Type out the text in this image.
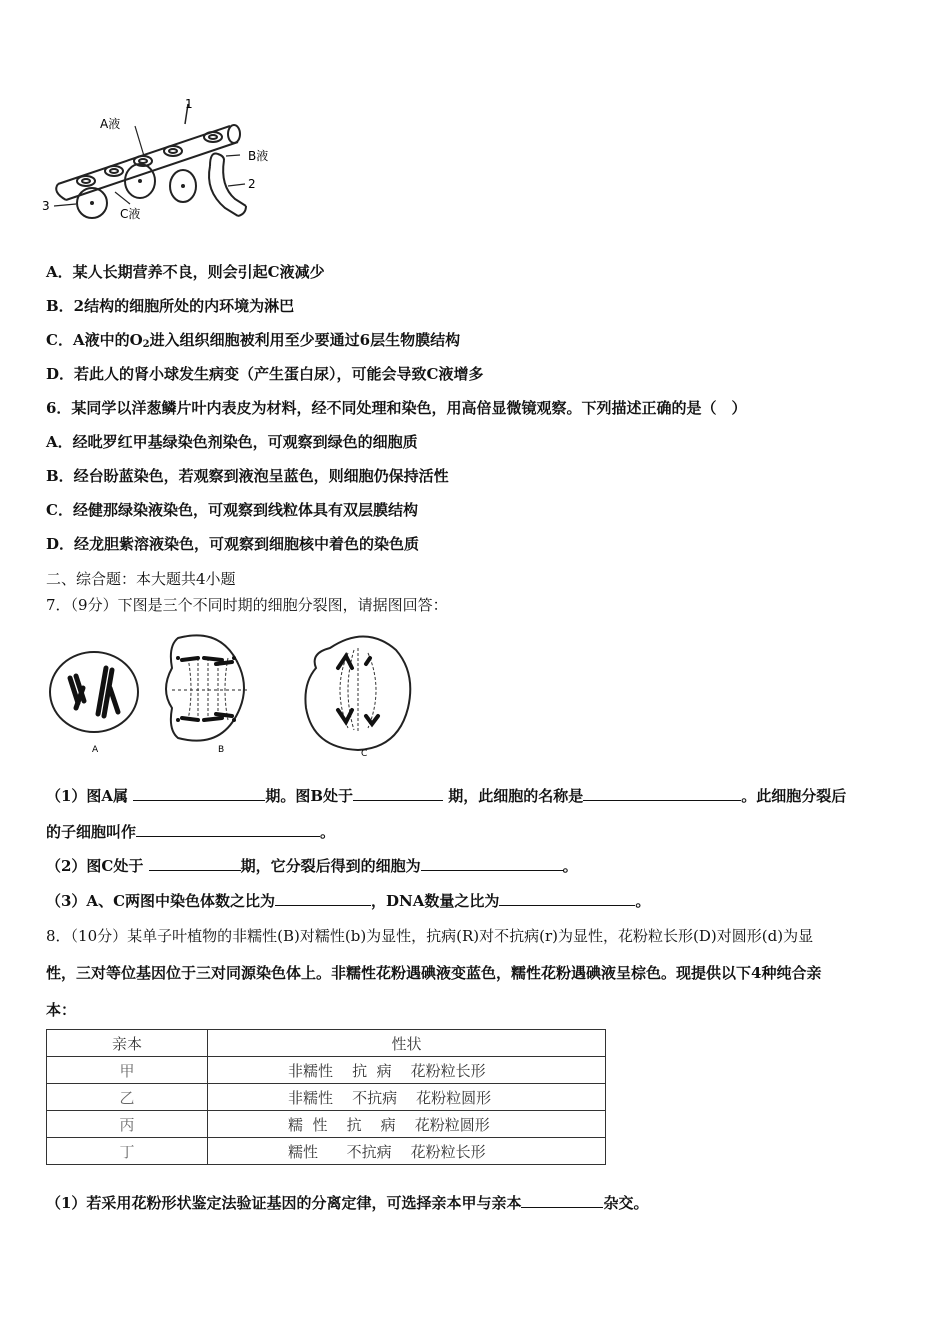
A液
1
B液
2
3
C液
A．某人长期营养不良，则会引起C液减少
B．2结构的细胞所处的内环境为淋巴
C．A液中的O2进入组织细胞被利用至少要通过6层生物膜结构
D．若此人的肾小球发生病变（产生蛋白尿），可能会导致C液增多
6．某同学以洋葱鳞片叶内表皮为材料，经不同处理和染色，用高倍显微镜观察。下列描述正确的是（　）
A．经吡罗红甲基绿染色剂染色，可观察到绿色的细胞质
B．经台盼蓝染色，若观察到液泡呈蓝色，则细胞仍保持活性
C．经健那绿染液染色，可观察到线粒体具有双层膜结构
D．经龙胆紫溶液染色，可观察到细胞核中着色的染色质
二、综合题：本大题共4小题
7．（9分）下图是三个不同时期的细胞分裂图，请据图回答：
A	B	C
（1）图A属	期。图B处于	期，此细胞的名称是	。此细胞分裂后
的子细胞叫作	。
（2）图C处于	期，它分裂后得到的细胞为	。
（3）A、C两图中染色体数之比为	，DNA数量之比为	。
8．（10分）某单子叶植物的非糯性(B)对糯性(b)为显性，抗病(R)对不抗病(r)为显性，花粉粒长形(D)对圆形(d)为显
性，三对等位基因位于三对同源染色体上。非糯性花粉遇碘液变蓝色，糯性花粉遇碘液呈棕色。现提供以下4种纯合亲
本：
亲本	性状
甲	非糯性    抗  病    花粉粒长形
乙	非糯性    不抗病    花粉粒圆形
丙	糯  性    抗    病    花粉粒圆形
丁	糯性      不抗病    花粉粒长形
（1）若采用花粉形状鉴定法验证基因的分离定律，可选择亲本甲与亲本	杂交。
